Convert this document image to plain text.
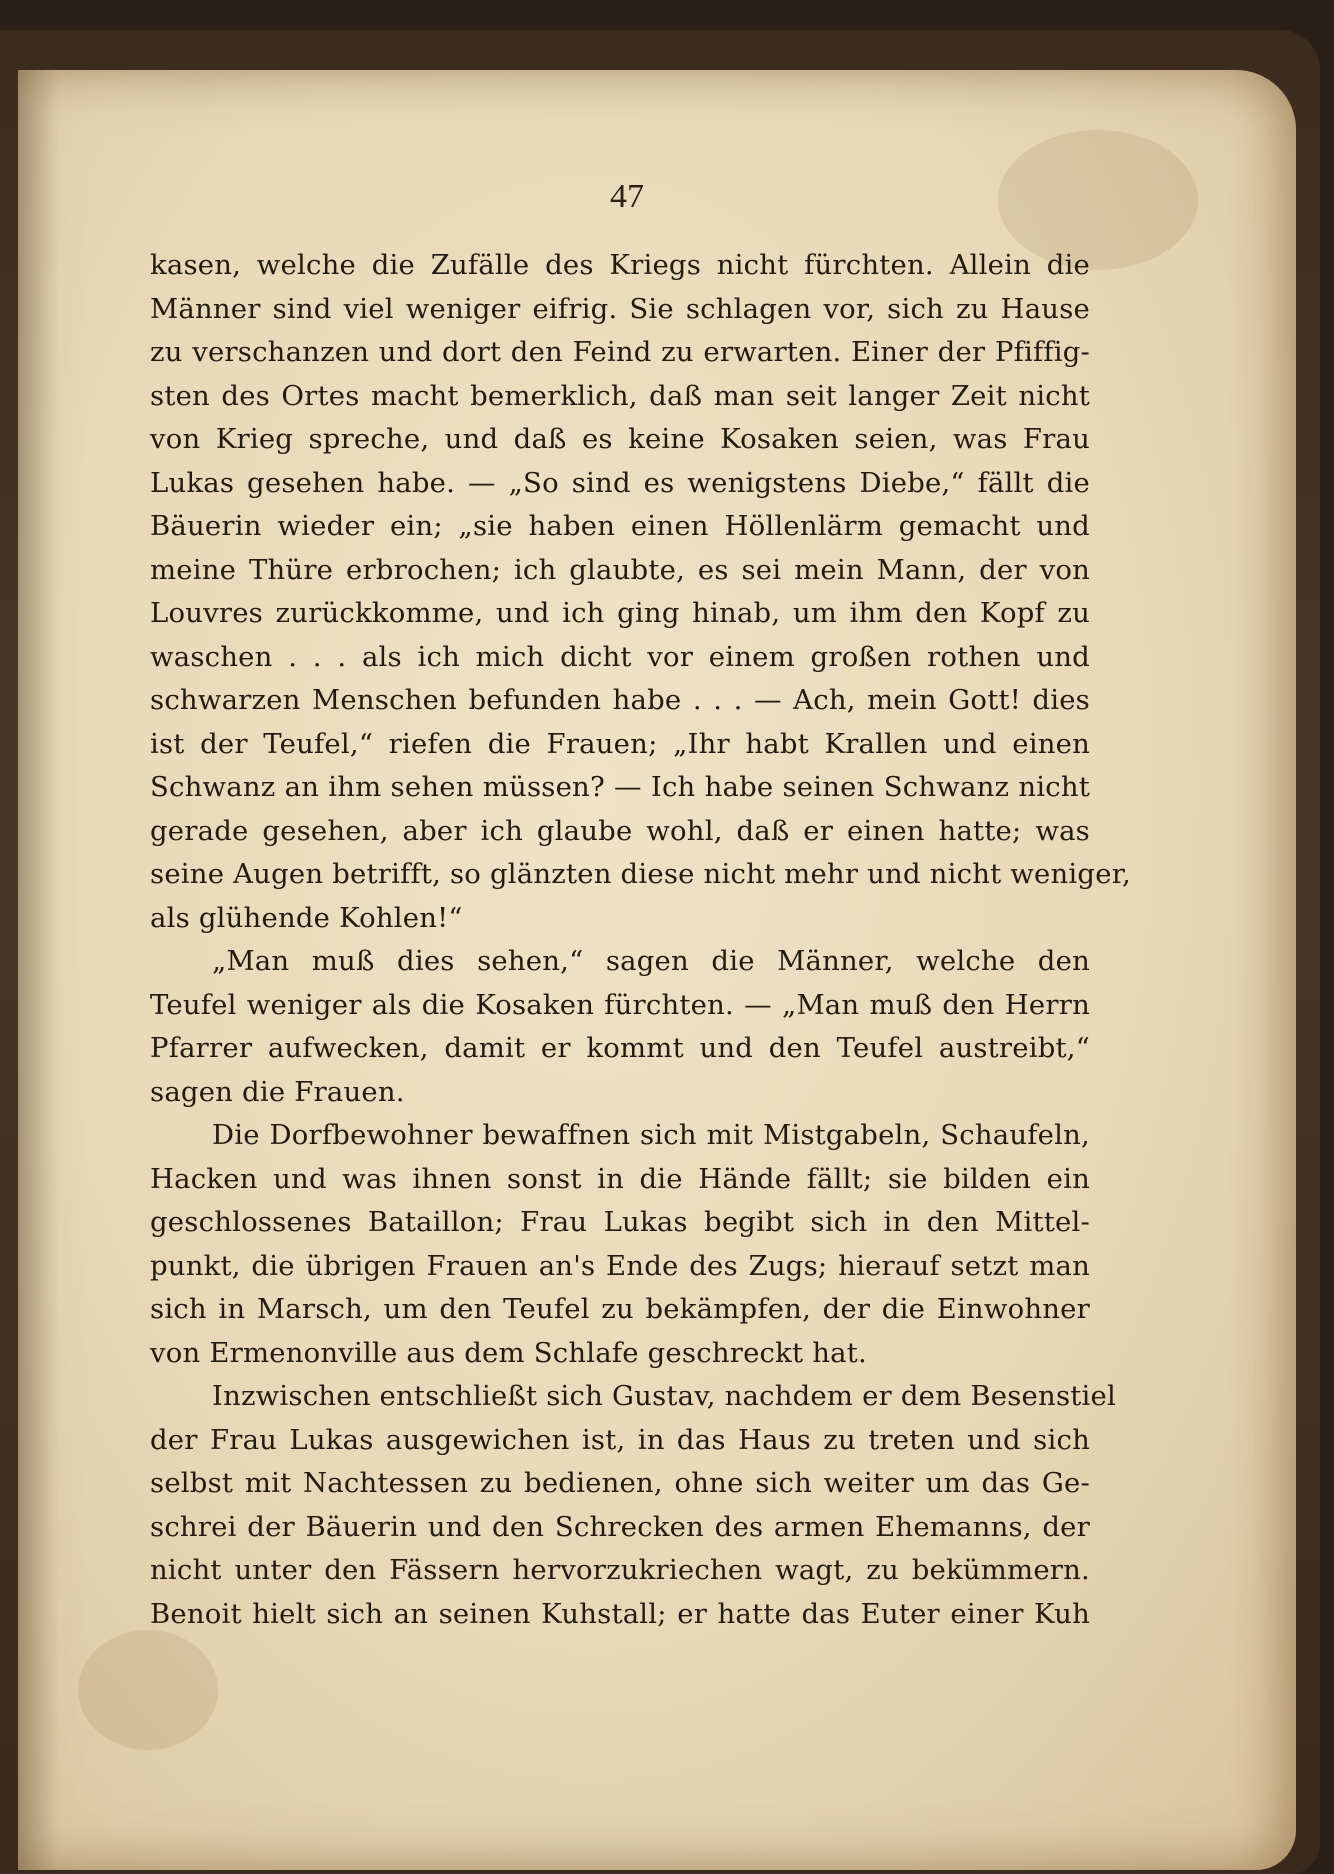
47
kasen, welche die Zufälle des Kriegs nicht fürchten. Allein die
Männer sind viel weniger eifrig. Sie schlagen vor, sich zu Hause
zu verschanzen und dort den Feind zu erwarten. Einer der Pfiffig-
sten des Ortes macht bemerklich, daß man seit langer Zeit nicht
von Krieg spreche, und daß es keine Kosaken seien, was Frau
Lukas gesehen habe. — „So sind es wenigstens Diebe,“ fällt die
Bäuerin wieder ein; „sie haben einen Höllenlärm gemacht und
meine Thüre erbrochen; ich glaubte, es sei mein Mann, der von
Louvres zurückkomme, und ich ging hinab, um ihm den Kopf zu
waschen . . . als ich mich dicht vor einem großen rothen und
schwarzen Menschen befunden habe . . . — Ach, mein Gott! dies
ist der Teufel,“ riefen die Frauen; „Ihr habt Krallen und einen
Schwanz an ihm sehen müssen? — Ich habe seinen Schwanz nicht
gerade gesehen, aber ich glaube wohl, daß er einen hatte; was
seine Augen betrifft, so glänzten diese nicht mehr und nicht weniger,
als glühende Kohlen!“
„Man muß dies sehen,“ sagen die Männer, welche den
Teufel weniger als die Kosaken fürchten. — „Man muß den Herrn
Pfarrer aufwecken, damit er kommt und den Teufel austreibt,“
sagen die Frauen.
Die Dorfbewohner bewaffnen sich mit Mistgabeln, Schaufeln,
Hacken und was ihnen sonst in die Hände fällt; sie bilden ein
geschlossenes Bataillon; Frau Lukas begibt sich in den Mittel-
punkt, die übrigen Frauen an's Ende des Zugs; hierauf setzt man
sich in Marsch, um den Teufel zu bekämpfen, der die Einwohner
von Ermenonville aus dem Schlafe geschreckt hat.
Inzwischen entschließt sich Gustav, nachdem er dem Besenstiel
der Frau Lukas ausgewichen ist, in das Haus zu treten und sich
selbst mit Nachtessen zu bedienen, ohne sich weiter um das Ge-
schrei der Bäuerin und den Schrecken des armen Ehemanns, der
nicht unter den Fässern hervorzukriechen wagt, zu bekümmern.
Benoit hielt sich an seinen Kuhstall; er hatte das Euter einer Kuh
